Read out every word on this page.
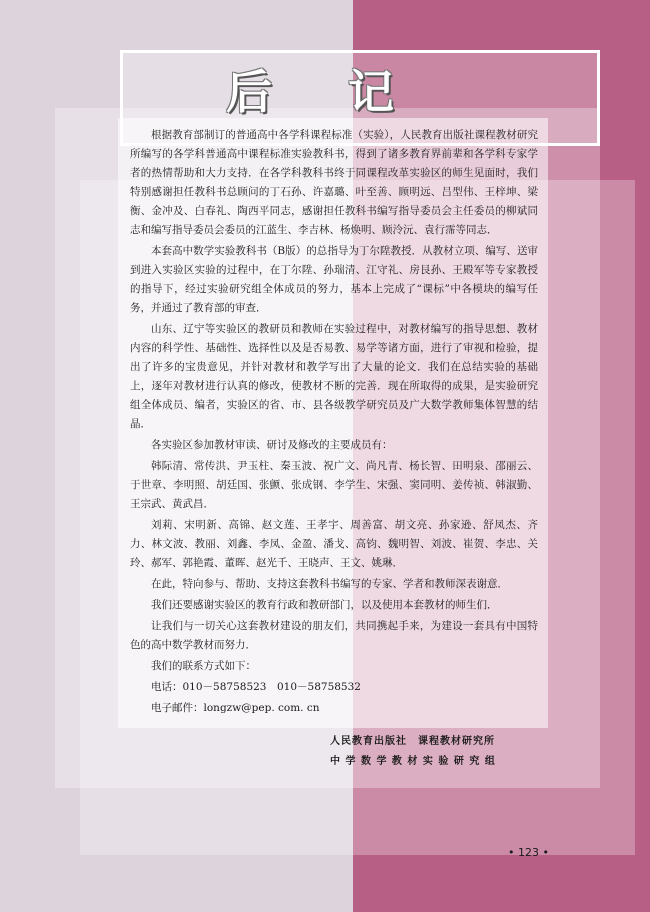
后 记

根据教育部制订的普通高中各学科课程标准（实验），人民教育出版社课程教材研究所编写的各学科普通高中课程标准实验教科书，得到了诸多教育界前辈和各学科专家学者的热情帮助和大力支持．在各学科教科书终于同课程改革实验区的师生见面时，我们特别感谢担任教科书总顾问的丁石孙、许嘉璐、叶至善、顾明远、吕型伟、王梓坤、梁衡、金冲及、白春礼、陶西平同志，感谢担任教科书编写指导委员会主任委员的柳斌同志和编写指导委员会委员的江蓝生、李吉林、杨焕明、顾泠沅、袁行霈等同志．

本套高中数学实验教科书（B版）的总指导为丁尔陞教授．从教材立项、编写、送审到进入实验区实验的过程中，在丁尔陞、孙瑞清、江守礼、房艮孙、王殿军等专家教授的指导下，经过实验研究组全体成员的努力，基本上完成了“课标”中各模块的编写任务，并通过了教育部的审查．

山东、辽宁等实验区的教研员和教师在实验过程中，对教材编写的指导思想、教材内容的科学性、基础性、选择性以及是否易教、易学等诸方面，进行了审视和检验，提出了许多的宝贵意见，并针对教材和教学写出了大量的论文．我们在总结实验的基础上，逐年对教材进行认真的修改，使教材不断的完善．现在所取得的成果，是实验研究组全体成员、编者，实验区的省、市、县各级教学研究员及广大数学教师集体智慧的结晶．

各实验区参加教材审读、研讨及修改的主要成员有：

韩际清、常传洪、尹玉柱、秦玉波、祝广文、尚凡青、杨长智、田明泉、邵丽云、于世章、李明照、胡廷国、张颤、张成钢、李学生、宋强、窦同明、姜传祯、韩淑勤、王宗武、黄武昌．

刘莉、宋明新、高锦、赵文莲、王孝宇、周善富、胡文亮、孙家逊、舒凤杰、齐力、林文波、教丽、刘鑫、李凤、金盈、潘戈、高钧、魏明智、刘波、崔贺、李忠、关玲、郝军、郭艳霞、董晖、赵光千、王晓声、王文、姚琳．

在此，特向参与、帮助、支持这套教科书编写的专家、学者和教师深表谢意．

我们还要感谢实验区的教育行政和教研部门，以及使用本套教材的师生们．

让我们与一切关心这套教材建设的朋友们，共同携起手来，为建设一套具有中国特色的高中数学教材而努力．

我们的联系方式如下：

电话：010－58758523　010－58758532

电子邮件：longzw@pep. com. cn

人民教育出版社　课程教材研究所
中 学 数 学 教 材 实 验 研 究 组
• 123 •
